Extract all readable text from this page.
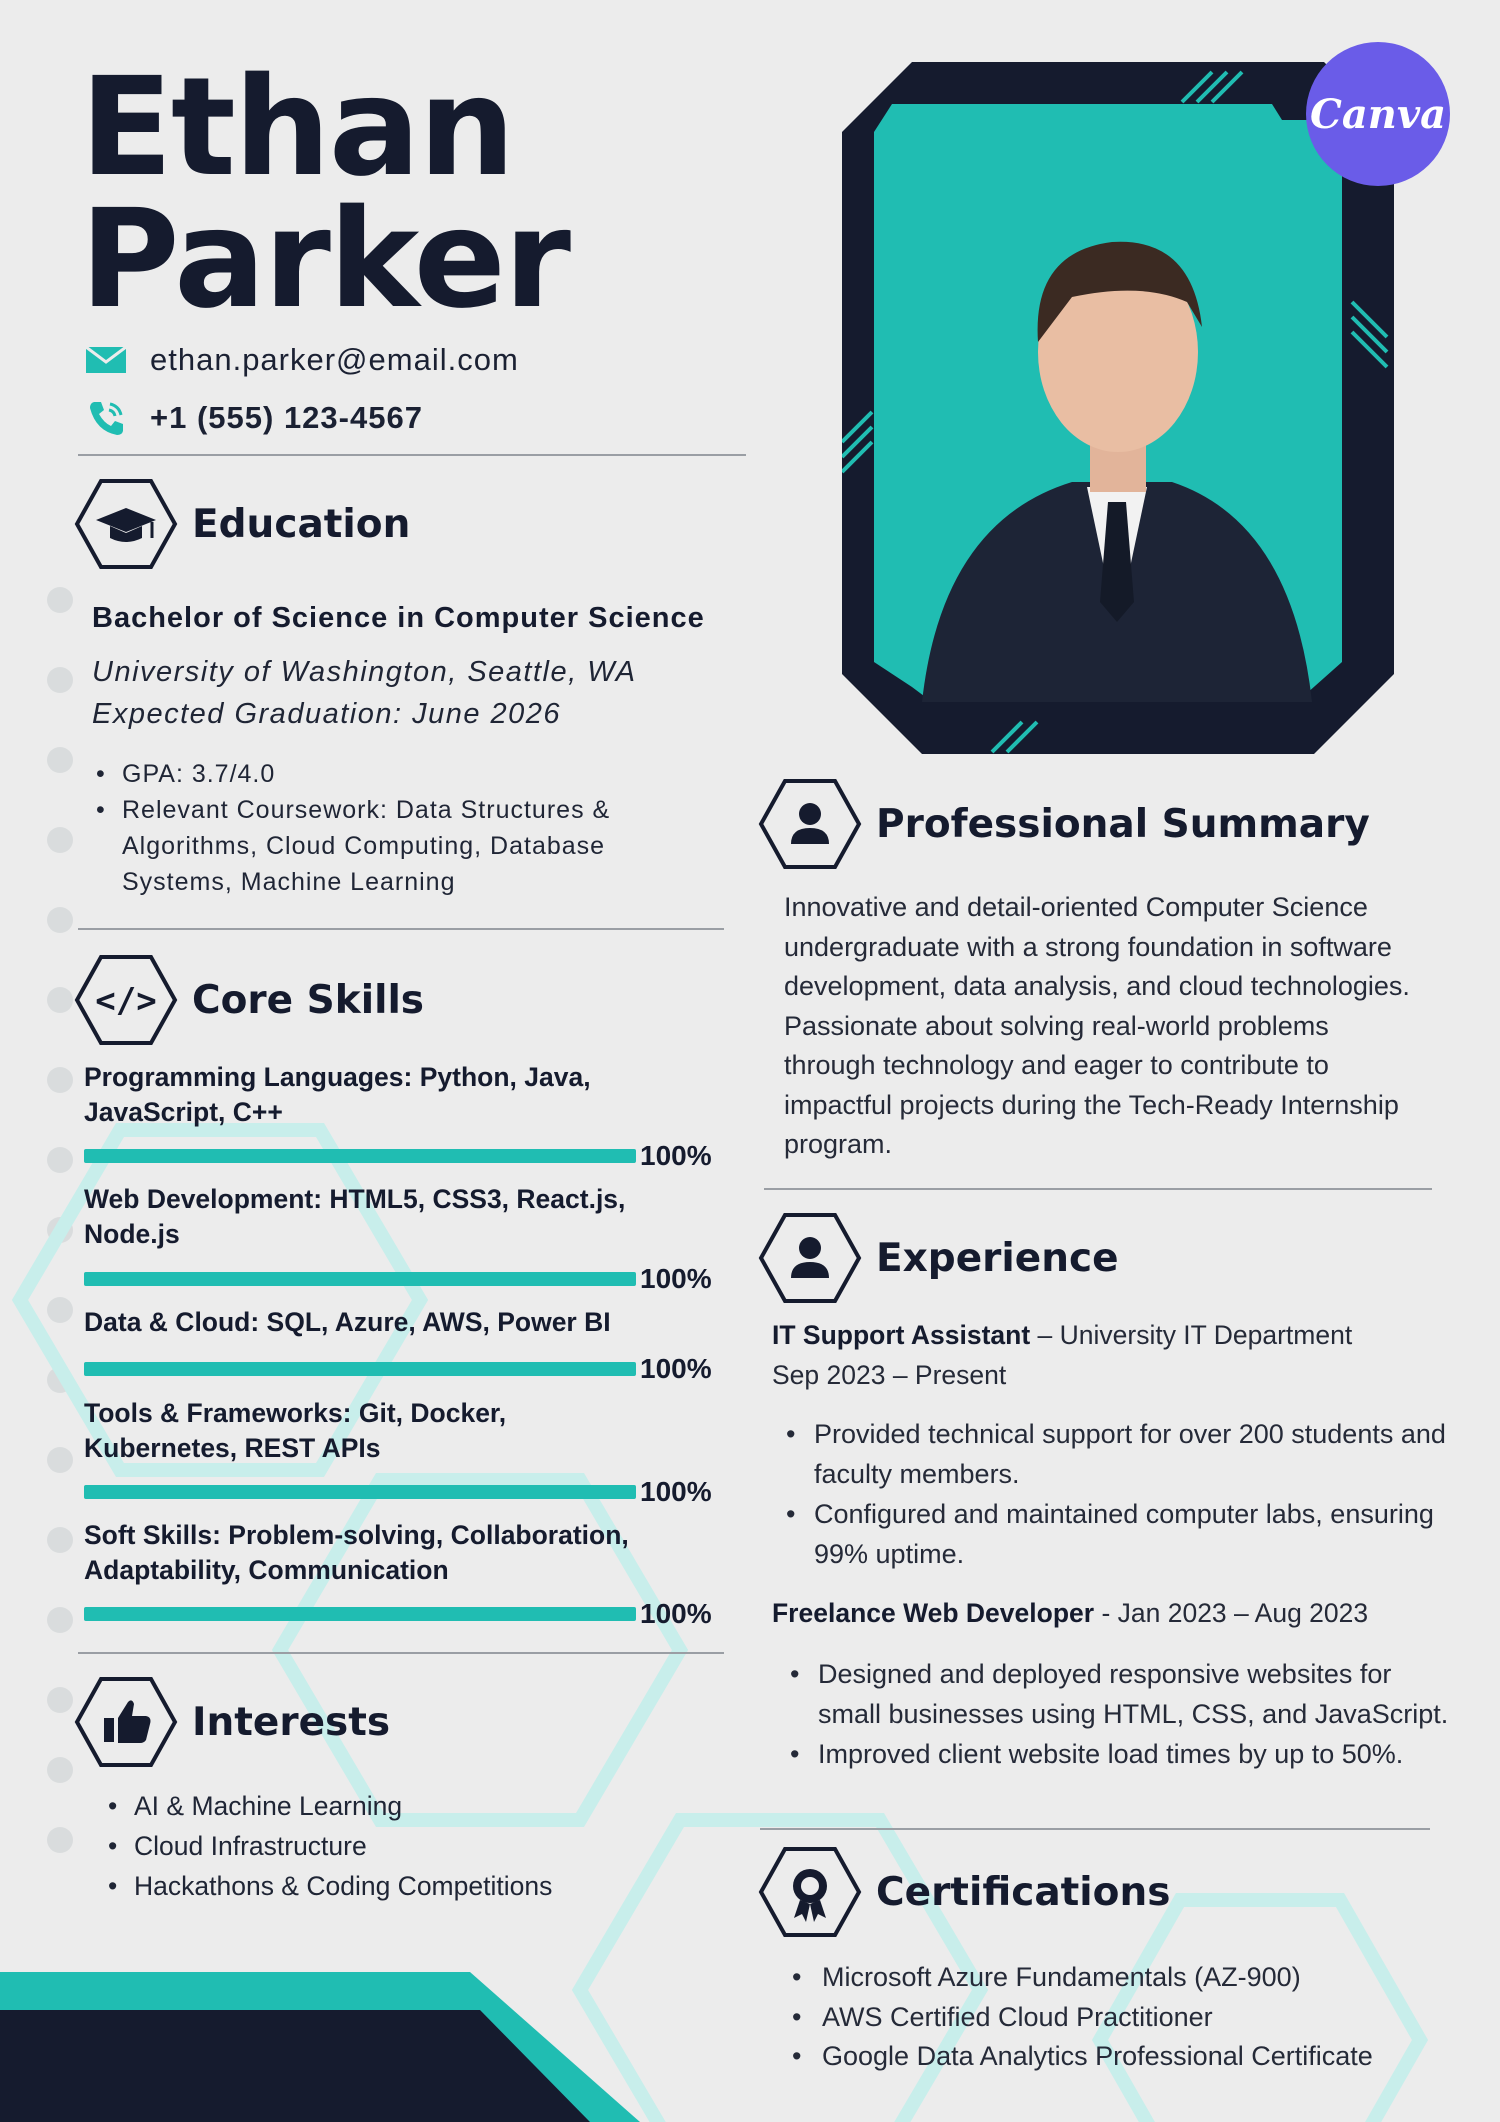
Ethan
Parker
ethan.parker@email.com
+1 (555) 123-4567
Education
Bachelor of Science in Computer Science
University of Washington, Seattle, WA
Expected Graduation: June 2026
• GPA: 3.7/4.0
• Relevant Coursework: Data Structures & Algorithms, Cloud Computing, Database Systems, Machine Learning
</> Core Skills
Programming Languages: Python, Java, JavaScript, C++
100%
Web Development: HTML5, CSS3, React.js, Node.js
100%
Data & Cloud: SQL, Azure, AWS, Power BI
100%
Tools & Frameworks: Git, Docker, Kubernetes, REST APIs
100%
Soft Skills: Problem-solving, Collaboration, Adaptability, Communication
100%
Interests
• AI & Machine Learning
• Cloud Infrastructure
• Hackathons & Coding Competitions
Canva
Professional Summary
Innovative and detail-oriented Computer Science undergraduate with a strong foundation in software development, data analysis, and cloud technologies. Passionate about solving real-world problems through technology and eager to contribute to impactful projects during the Tech-Ready Internship program.
Experience
IT Support Assistant – University IT Department
Sep 2023 – Present
• Provided technical support for over 200 students and faculty members.
• Configured and maintained computer labs, ensuring 99% uptime.
Freelance Web Developer - Jan 2023 – Aug 2023
• Designed and deployed responsive websites for small businesses using HTML, CSS, and JavaScript.
• Improved client website load times by up to 50%.
Certifications
• Microsoft Azure Fundamentals (AZ-900)
• AWS Certified Cloud Practitioner
• Google Data Analytics Professional Certificate
